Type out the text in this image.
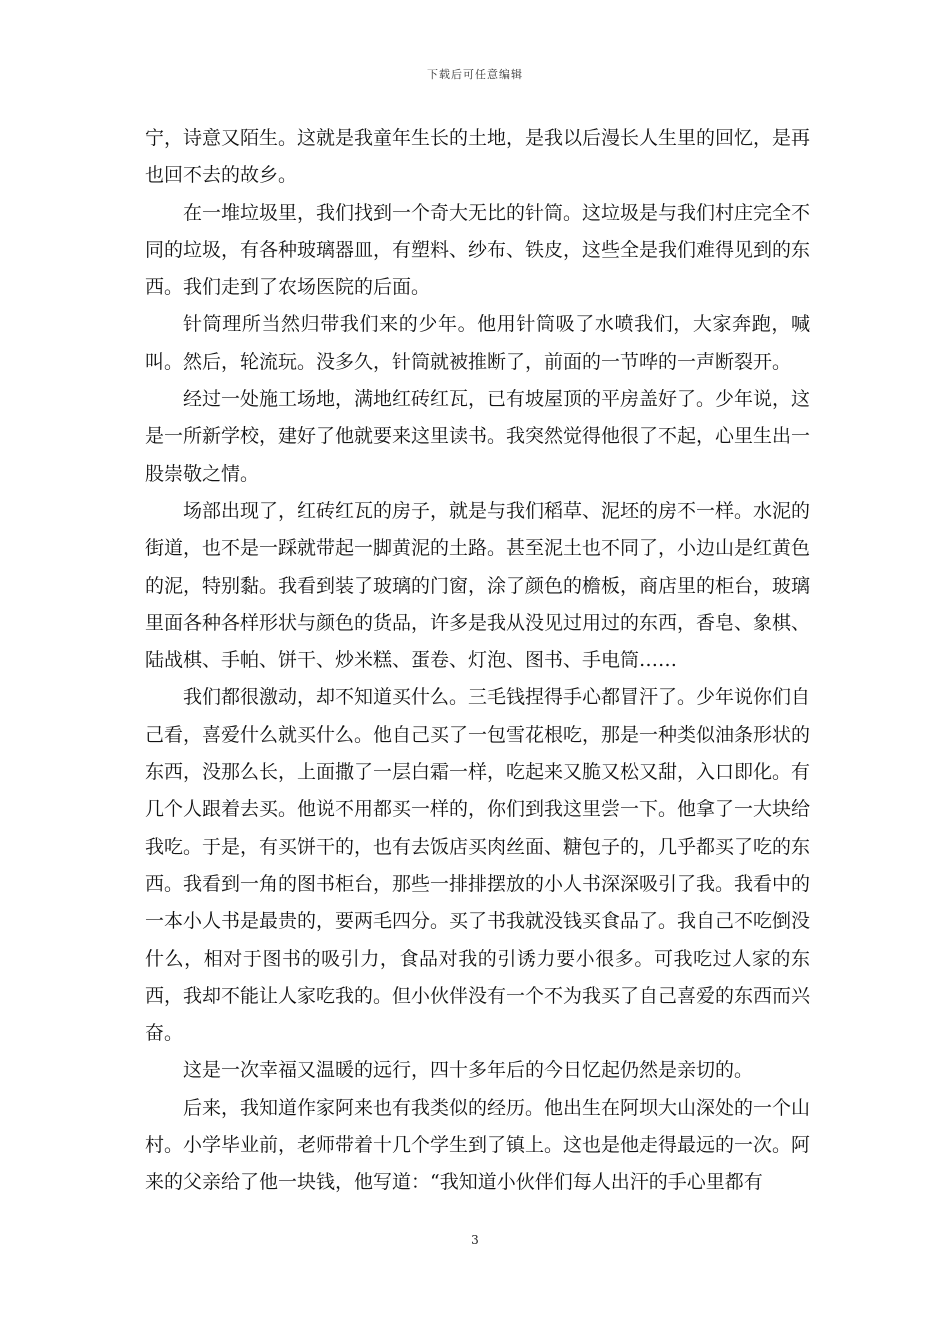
下载后可任意编辑

宁，诗意又陌生。这就是我童年生长的土地，是我以后漫长人生里的回忆，是再也回不去的故乡。

在一堆垃圾里，我们找到一个奇大无比的针筒。这垃圾是与我们村庄完全不同的垃圾，有各种玻璃器皿，有塑料、纱布、铁皮，这些全是我们难得见到的东西。我们走到了农场医院的后面。

针筒理所当然归带我们来的少年。他用针筒吸了水喷我们，大家奔跑，喊叫。然后，轮流玩。没多久，针筒就被推断了，前面的一节哗的一声断裂开。

经过一处施工场地，满地红砖红瓦，已有坡屋顶的平房盖好了。少年说，这是一所新学校，建好了他就要来这里读书。我突然觉得他很了不起，心里生出一股崇敬之情。

场部出现了，红砖红瓦的房子，就是与我们稻草、泥坯的房不一样。水泥的街道，也不是一踩就带起一脚黄泥的土路。甚至泥土也不同了，小边山是红黄色的泥，特别黏。我看到装了玻璃的门窗，涂了颜色的檐板，商店里的柜台，玻璃里面各种各样形状与颜色的货品，许多是我从没见过用过的东西，香皂、象棋、陆战棋、手帕、饼干、炒米糕、蛋卷、灯泡、图书、手电筒……

我们都很激动，却不知道买什么。三毛钱捏得手心都冒汗了。少年说你们自己看，喜爱什么就买什么。他自己买了一包雪花根吃，那是一种类似油条形状的东西，没那么长，上面撒了一层白霜一样，吃起来又脆又松又甜，入口即化。有几个人跟着去买。他说不用都买一样的，你们到我这里尝一下。他拿了一大块给我吃。于是，有买饼干的，也有去饭店买肉丝面、糖包子的，几乎都买了吃的东西。我看到一角的图书柜台，那些一排排摆放的小人书深深吸引了我。我看中的一本小人书是最贵的，要两毛四分。买了书我就没钱买食品了。我自己不吃倒没什么，相对于图书的吸引力，食品对我的引诱力要小很多。可我吃过人家的东西，我却不能让人家吃我的。但小伙伴没有一个不为我买了自己喜爱的东西而兴奋。

这是一次幸福又温暖的远行，四十多年后的今日忆起仍然是亲切的。

后来，我知道作家阿来也有我类似的经历。他出生在阿坝大山深处的一个山村。小学毕业前，老师带着十几个学生到了镇上。这也是他走得最远的一次。阿来的父亲给了他一块钱，他写道：“我知道小伙伴们每人出汗的手心里都有

3
